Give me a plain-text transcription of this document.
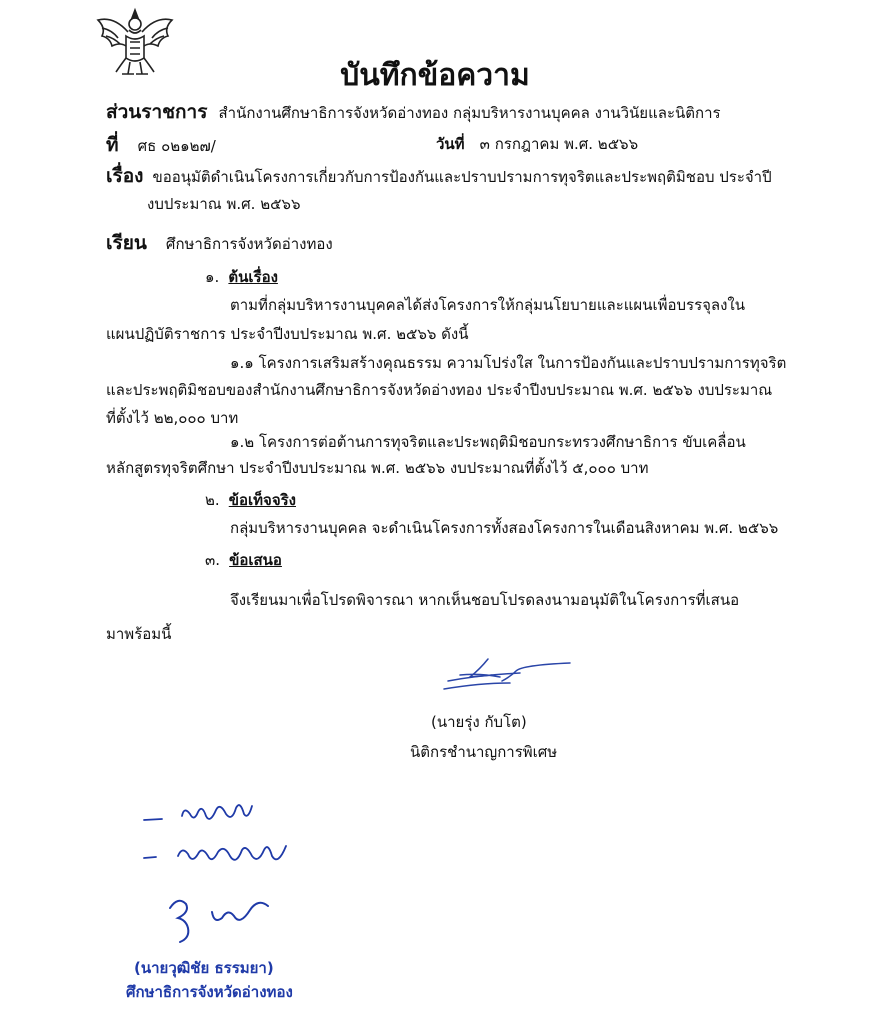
บันทึกข้อความ
ส่วนราชการ สำนักงานศึกษาธิการจังหวัดอ่างทอง กลุ่มบริหารงานบุคคล งานวินัยและนิติการ
ที่ ศธ ๐๒๑๒๗/	วันที่ ๓ กรกฎาคม พ.ศ. ๒๕๖๖
เรื่อง ขออนุมัติดำเนินโครงการเกี่ยวกับการป้องกันและปราบปรามการทุจริตและประพฤติมิชอบ ประจำปี
งบประมาณ พ.ศ. ๒๕๖๖
เรียน ศึกษาธิการจังหวัดอ่างทอง
๑. ต้นเรื่อง
ตามที่กลุ่มบริหารงานบุคคลได้ส่งโครงการให้กลุ่มนโยบายและแผนเพื่อบรรจุลงใน
แผนปฏิบัติราชการ ประจำปีงบประมาณ พ.ศ. ๒๕๖๖ ดังนี้
๑.๑ โครงการเสริมสร้างคุณธรรม ความโปร่งใส ในการป้องกันและปราบปรามการทุจริต
และประพฤติมิชอบของสำนักงานศึกษาธิการจังหวัดอ่างทอง ประจำปีงบประมาณ พ.ศ. ๒๕๖๖ งบประมาณ
ที่ตั้งไว้ ๒๒,๐๐๐ บาท
๑.๒ โครงการต่อต้านการทุจริตและประพฤติมิชอบกระทรวงศึกษาธิการ ขับเคลื่อน
หลักสูตรทุจริตศึกษา ประจำปีงบประมาณ พ.ศ. ๒๕๖๖ งบประมาณที่ตั้งไว้ ๕,๐๐๐ บาท
๒. ข้อเท็จจริง
กลุ่มบริหารงานบุคคล จะดำเนินโครงการทั้งสองโครงการในเดือนสิงหาคม พ.ศ. ๒๕๖๖
๓. ข้อเสนอ
จึงเรียนมาเพื่อโปรดพิจารณา หากเห็นชอบโปรดลงนามอนุมัติในโครงการที่เสนอ
มาพร้อมนี้
(นายรุ่ง กับโต)
นิติกรชำนาญการพิเศษ
(นายวุฒิชัย ธรรมยา)
ศึกษาธิการจังหวัดอ่างทอง
